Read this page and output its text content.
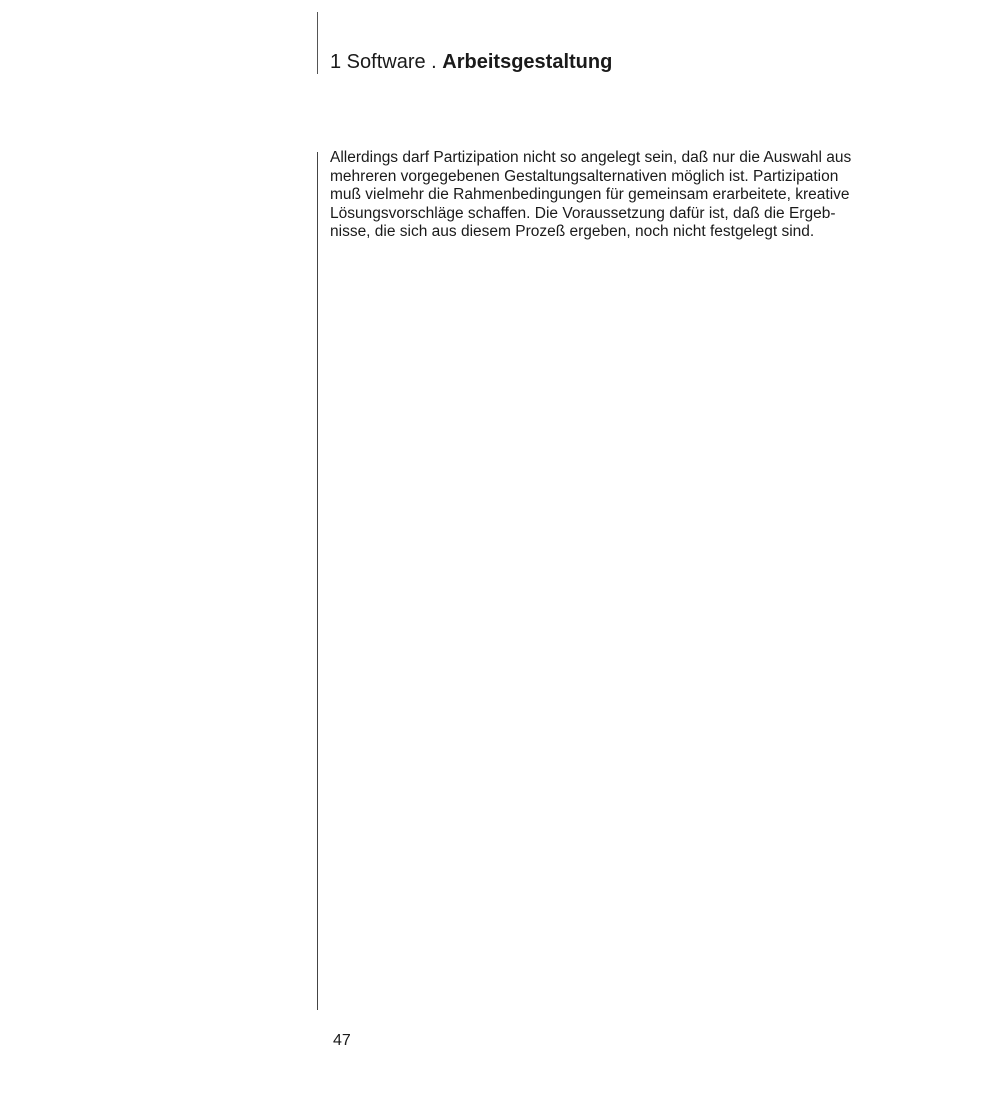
1 Software . Arbeitsgestaltung

Allerdings darf Partizipation nicht so angelegt sein, daß nur die Auswahl aus
mehreren vorgegebenen Gestaltungsalternativen möglich ist. Partizipation
muß vielmehr die Rahmenbedingungen für gemeinsam erarbeitete, kreative
Lösungsvorschläge schaffen. Die Voraussetzung dafür ist, daß die Ergeb-
nisse, die sich aus diesem Prozeß ergeben, noch nicht festgelegt sind.

47
